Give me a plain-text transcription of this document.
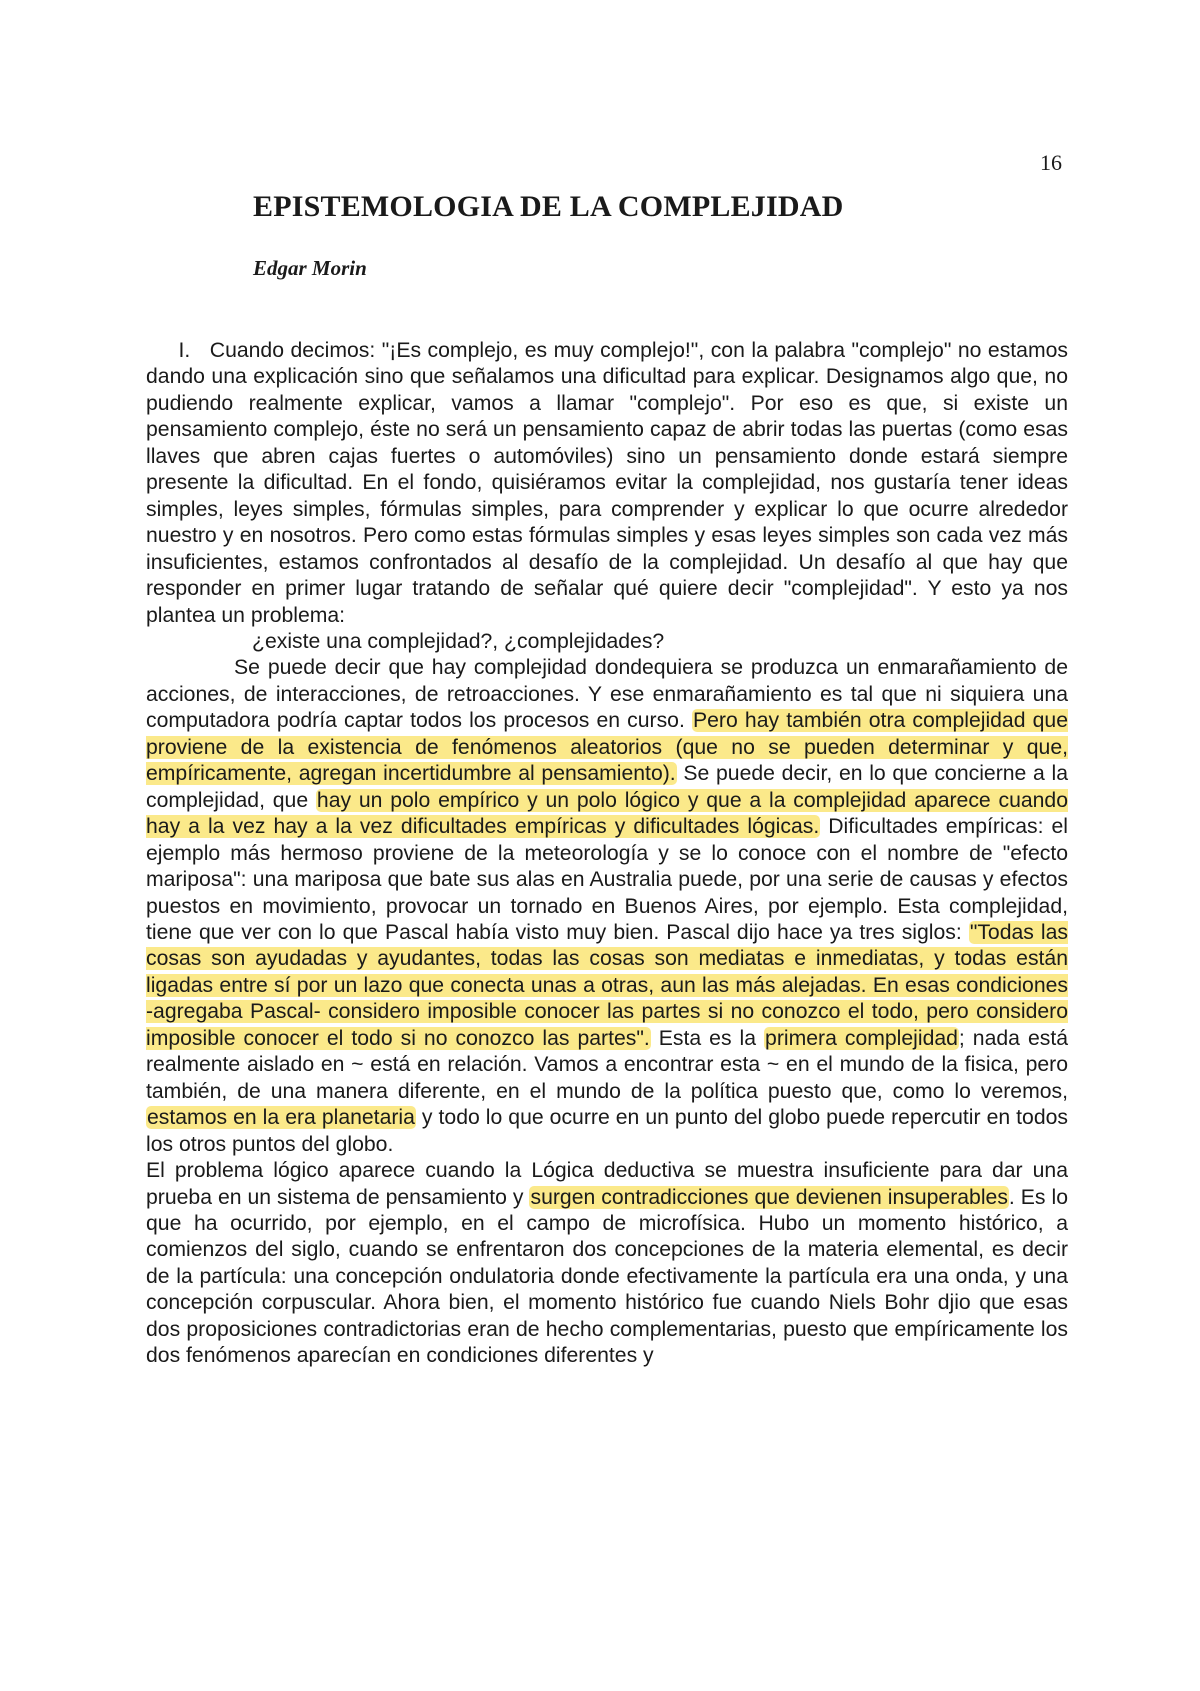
16
EPISTEMOLOGIA DE LA COMPLEJIDAD
Edgar Morin

I.   Cuando decimos: "¡Es complejo, es muy complejo!", con la palabra "complejo" no estamos dando una explicación sino que señalamos una dificultad para explicar. Designamos algo que, no pudiendo realmente explicar, vamos a llamar "complejo". Por eso es que, si existe un pensamiento complejo, éste no será un pensamiento capaz de abrir todas las puertas (como esas llaves que abren cajas fuertes o automóviles) sino un pensamiento donde estará siempre presente la dificultad. En el fondo, quisiéramos evitar la complejidad, nos gustaría tener ideas simples, leyes simples, fórmulas simples, para comprender y explicar lo que ocurre alrededor nuestro y en nosotros. Pero como estas fórmulas simples y esas leyes simples son cada vez más insuficientes, estamos confrontados al desafío de la complejidad. Un desafío al que hay que responder en primer lugar tratando de señalar qué quiere decir "complejidad". Y esto ya nos plantea un problema:

¿existe una complejidad?, ¿complejidades?

Se puede decir que hay complejidad dondequiera se produzca un enmarañamiento de acciones, de interacciones, de retroacciones. Y ese enmarañamiento es tal que ni siquiera una computadora podría captar todos los procesos en curso. Pero hay también otra complejidad que proviene de la existencia de fenómenos aleatorios (que no se pueden determinar y que, empíricamente, agregan incertidumbre al pensamiento). Se puede decir, en lo que concierne a la complejidad, que hay un polo empírico y un polo lógico y que a la complejidad aparece cuando hay a la vez hay a la vez dificultades empíricas y dificultades lógicas. Dificultades empíricas: el ejemplo más hermoso proviene de la meteorología y se lo conoce con el nombre de "efecto mariposa": una mariposa que bate sus alas en Australia puede, por una serie de causas y efectos puestos en movimiento, provocar un tornado en Buenos Aires, por ejemplo. Esta complejidad, tiene que ver con lo que Pascal había visto muy bien. Pascal dijo hace ya tres siglos: "Todas las cosas son ayudadas y ayudantes, todas las cosas son mediatas e inmediatas, y todas están ligadas entre sí por un lazo que conecta unas a otras, aun las más alejadas. En esas condiciones -agregaba Pascal- considero imposible conocer las partes si no conozco el todo, pero considero imposible conocer el todo si no conozco las partes". Esta es la primera complejidad; nada está realmente aislado en ~ está en relación. Vamos a encontrar esta ~ en el mundo de la fisica, pero también, de una manera diferente, en el mundo de la política puesto que, como lo veremos, estamos en la era planetaria y todo lo que ocurre en un punto del globo puede repercutir en todos los otros puntos del globo.

El problema lógico aparece cuando la Lógica deductiva se muestra insuficiente para dar una prueba en un sistema de pensamiento y surgen contradicciones que devienen insuperables. Es lo que ha ocurrido, por ejemplo, en el campo de microfísica. Hubo un momento histórico, a comienzos del siglo, cuando se enfrentaron dos concepciones de la materia elemental, es decir de la partícula: una concepción ondulatoria donde efectivamente la partícula era una onda, y una concepción corpuscular. Ahora bien, el momento histórico fue cuando Niels Bohr djio que esas dos proposiciones contradictorias eran de hecho complementarias, puesto que empíricamente los dos fenómenos aparecían en condiciones diferentes y
